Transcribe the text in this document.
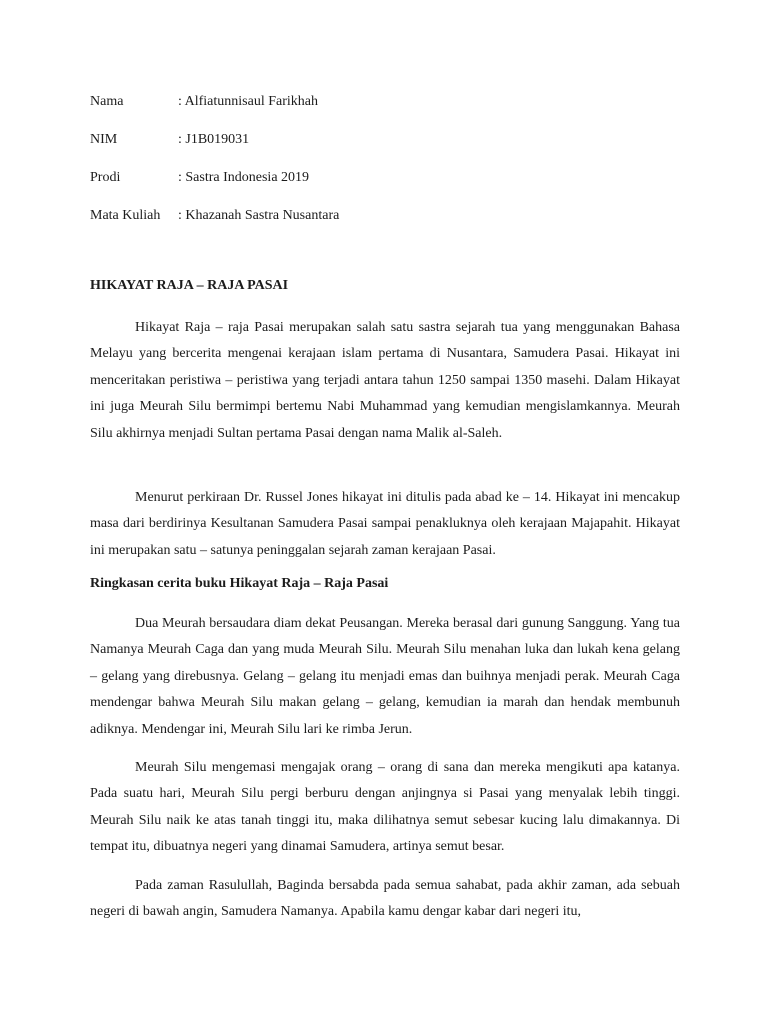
Nama	: Alfiatunnisaul Farikhah
NIM	: J1B019031
Prodi	: Sastra Indonesia 2019
Mata Kuliah	: Khazanah Sastra Nusantara
HIKAYAT RAJA – RAJA PASAI

Hikayat Raja – raja Pasai merupakan salah satu sastra sejarah tua yang menggunakan Bahasa Melayu yang bercerita mengenai kerajaan islam pertama di Nusantara, Samudera Pasai. Hikayat ini menceritakan peristiwa – peristiwa yang terjadi antara tahun 1250 sampai 1350 masehi. Dalam Hikayat ini juga Meurah Silu bermimpi bertemu Nabi Muhammad yang kemudian mengislamkannya. Meurah Silu akhirnya menjadi Sultan pertama Pasai dengan nama Malik al-Saleh.

Menurut perkiraan Dr. Russel Jones hikayat ini ditulis pada abad ke – 14. Hikayat ini mencakup masa dari berdirinya Kesultanan Samudera Pasai sampai penakluknya oleh kerajaan Majapahit. Hikayat ini merupakan satu – satunya peninggalan sejarah zaman kerajaan Pasai.

Ringkasan cerita buku Hikayat Raja – Raja Pasai

Dua Meurah bersaudara diam dekat Peusangan. Mereka berasal dari gunung Sanggung. Yang tua Namanya Meurah Caga dan yang muda Meurah Silu. Meurah Silu menahan luka dan lukah kena gelang – gelang yang direbusnya. Gelang – gelang itu menjadi emas dan buihnya menjadi perak. Meurah Caga mendengar bahwa Meurah Silu makan gelang – gelang, kemudian ia marah dan hendak membunuh adiknya. Mendengar ini, Meurah Silu lari ke rimba Jerun.

Meurah Silu mengemasi mengajak orang – orang di sana dan mereka mengikuti apa katanya. Pada suatu hari, Meurah Silu pergi berburu dengan anjingnya si Pasai yang menyalak lebih tinggi. Meurah Silu naik ke atas tanah tinggi itu, maka dilihatnya semut sebesar kucing lalu dimakannya. Di tempat itu, dibuatnya negeri yang dinamai Samudera, artinya semut besar.

Pada zaman Rasulullah, Baginda bersabda pada semua sahabat, pada akhir zaman, ada sebuah negeri di bawah angin, Samudera Namanya. Apabila kamu dengar kabar dari negeri itu,
